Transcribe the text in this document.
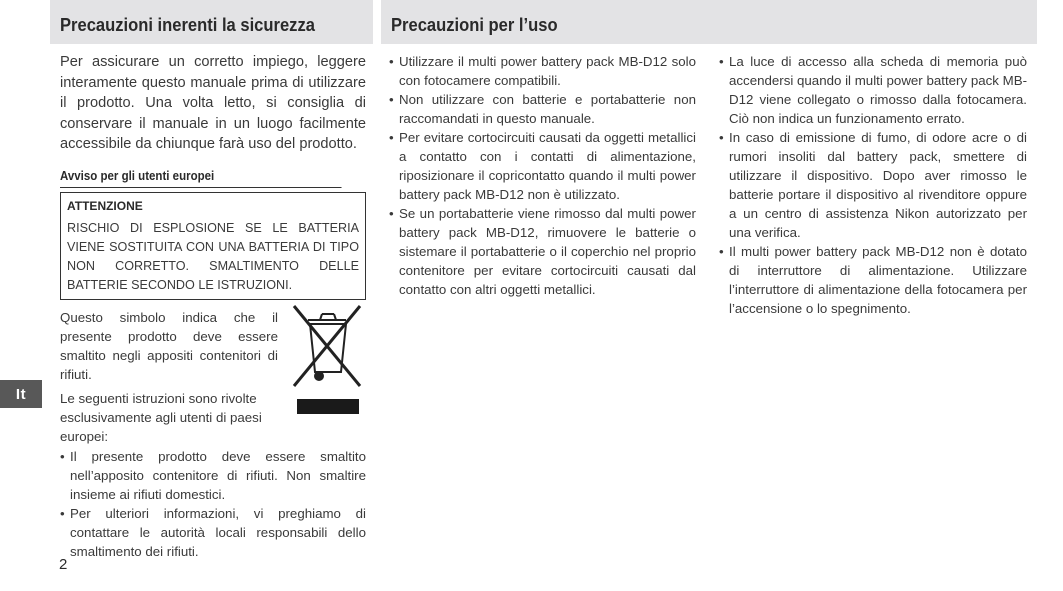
It
Precauzioni inerenti la sicurezza	Precauzioni per l’uso
Per assicurare un corretto impiego, leggere interamente questo manuale prima di utilizzare il prodotto. Una volta letto, si consiglia di conservare il manuale in un luogo facilmente accessibile da chiunque farà uso del prodotto.
Avviso per gli utenti europei
ATTENZIONE
RISCHIO DI ESPLOSIONE SE LE BATTERIA VIENE SOSTITUITA CON UNA BATTERIA DI TIPO NON CORRETTO. SMALTIMENTO DELLE BATTERIE SECONDO LE ISTRUZIONI.
Questo simbolo indica che il presente prodotto deve essere smaltito negli appositi contenitori di rifiuti.
Le seguenti istruzioni sono rivolte esclusivamente agli utenti di paesi europei:
• Il presente prodotto deve essere smaltito nell’apposito contenitore di rifiuti. Non smaltire insieme ai rifiuti domestici.
• Per ulteriori informazioni, vi preghiamo di contattare le autorità locali responsabili dello smaltimento dei rifiuti.
• Utilizzare il multi power battery pack MB-D12 solo con fotocamere compatibili.
• Non utilizzare con batterie e portabatterie non raccomandati in questo manuale.
• Per evitare cortocircuiti causati da oggetti metallici a contatto con i contatti di alimentazione, riposizionare il copricontatto quando il multi power battery pack MB-D12 non è utilizzato.
• Se un portabatterie viene rimosso dal multi power battery pack MB-D12, rimuovere le batterie o sistemare il portabatterie o il coperchio nel proprio contenitore per evitare cortocircuiti causati dal contatto con altri oggetti metallici.
• La luce di accesso alla scheda di memoria può accendersi quando il multi power battery pack MB-D12 viene collegato o rimosso dalla fotocamera. Ciò non indica un funzionamento errato.
• In caso di emissione di fumo, di odore acre o di rumori insoliti dal battery pack, smettere di utilizzare il dispositivo. Dopo aver rimosso le batterie portare il dispositivo al rivenditore oppure a un centro di assistenza Nikon autorizzato per una verifica.
• Il multi power battery pack MB-D12 non è dotato di interruttore di alimentazione. Utilizzare l’interruttore di alimentazione della fotocamera per l’accensione o lo spegnimento.
2
